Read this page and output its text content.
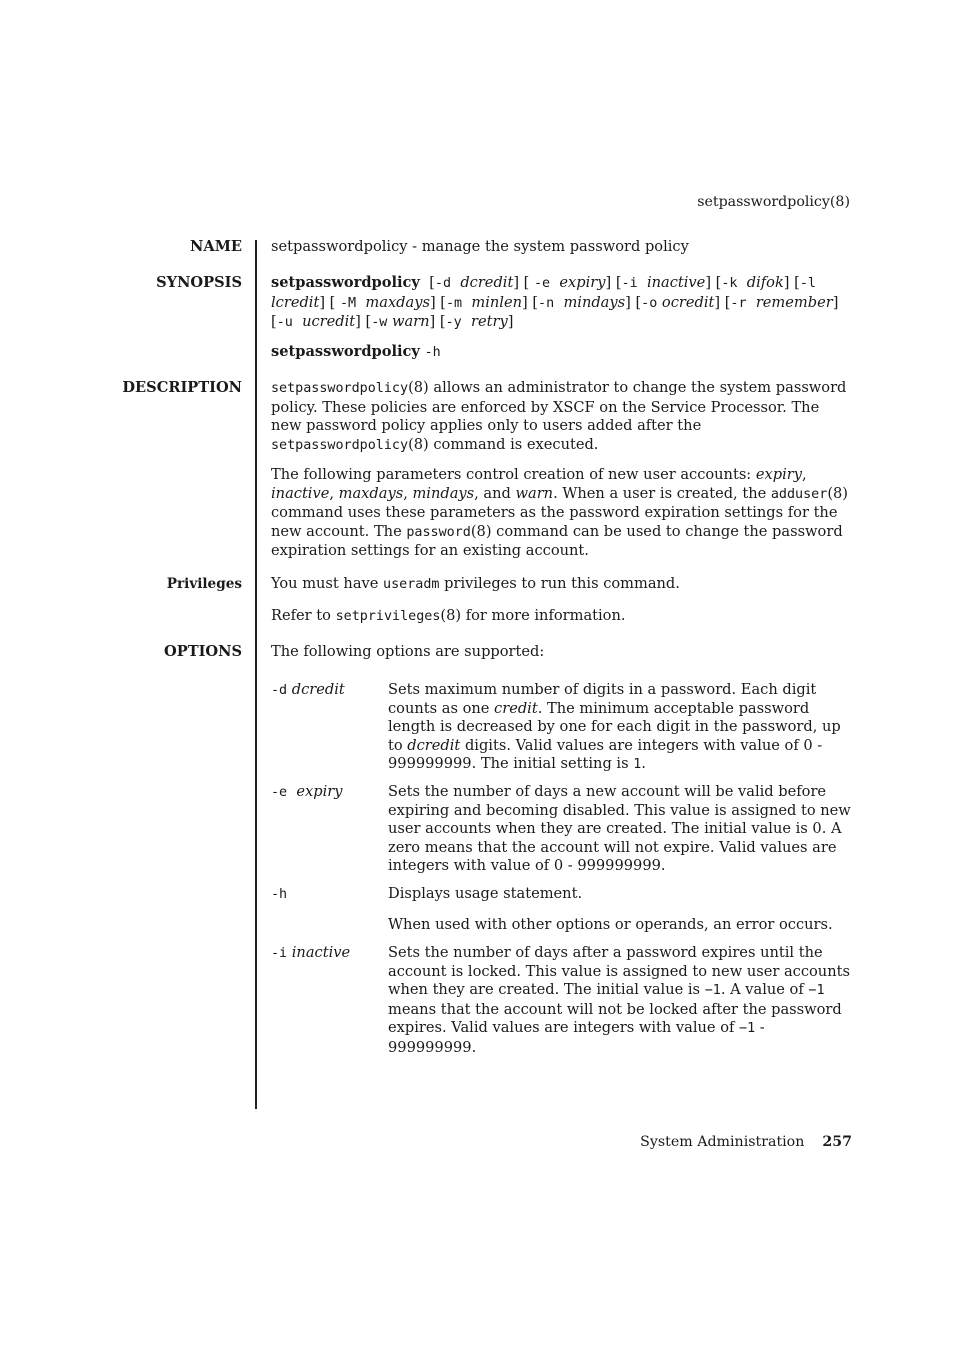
setpasswordpolicy(8)
NAME setpasswordpolicy - manage the system password policy
SYNOPSIS setpasswordpolicy  [-d dcredit] [ -e expiry] [-i inactive] [-k difok] [-l  lcredit] [ -M maxdays] [-m minlen] [-n mindays] [-o ocredit] [-r remember] [-u ucredit] [-w warn] [-y retry]
setpasswordpolicy -h
DESCRIPTION setpasswordpolicy(8) allows an administrator to change the system password policy. These policies are enforced by XSCF on the Service Processor. The new password policy applies only to users added after the setpasswordpolicy(8) command is executed.
The following parameters control creation of new user accounts: expiry, inactive, maxdays, mindays, and warn. When a user is created, the adduser(8) command uses these parameters as the password expiration settings for the new account. The password(8) command can be used to change the password expiration settings for an existing account.
Privileges You must have useradm privileges to run this command.
Refer to setprivileges(8) for more information.
OPTIONS The following options are supported:
-d dcredit	Sets maximum number of digits in a password. Each digit counts as one credit. The minimum acceptable password length is decreased by one for each digit in the password, up to dcredit digits. Valid values are integers with value of 0 - 999999999. The initial setting is 1.
-e expiry	Sets the number of days a new account will be valid before expiring and becoming disabled. This value is assigned to new user accounts when they are created. The initial value is 0. A zero means that the account will not expire. Valid values are integers with value of 0 - 999999999.
-h	Displays usage statement.
When used with other options or operands, an error occurs.
-i inactive	Sets the number of days after a password expires until the account is locked. This value is assigned to new user accounts when they are created. The initial value is −1. A value of −1 means that the account will not be locked after the password expires. Valid values are integers with value of −1 - 999999999.
System Administration 257
